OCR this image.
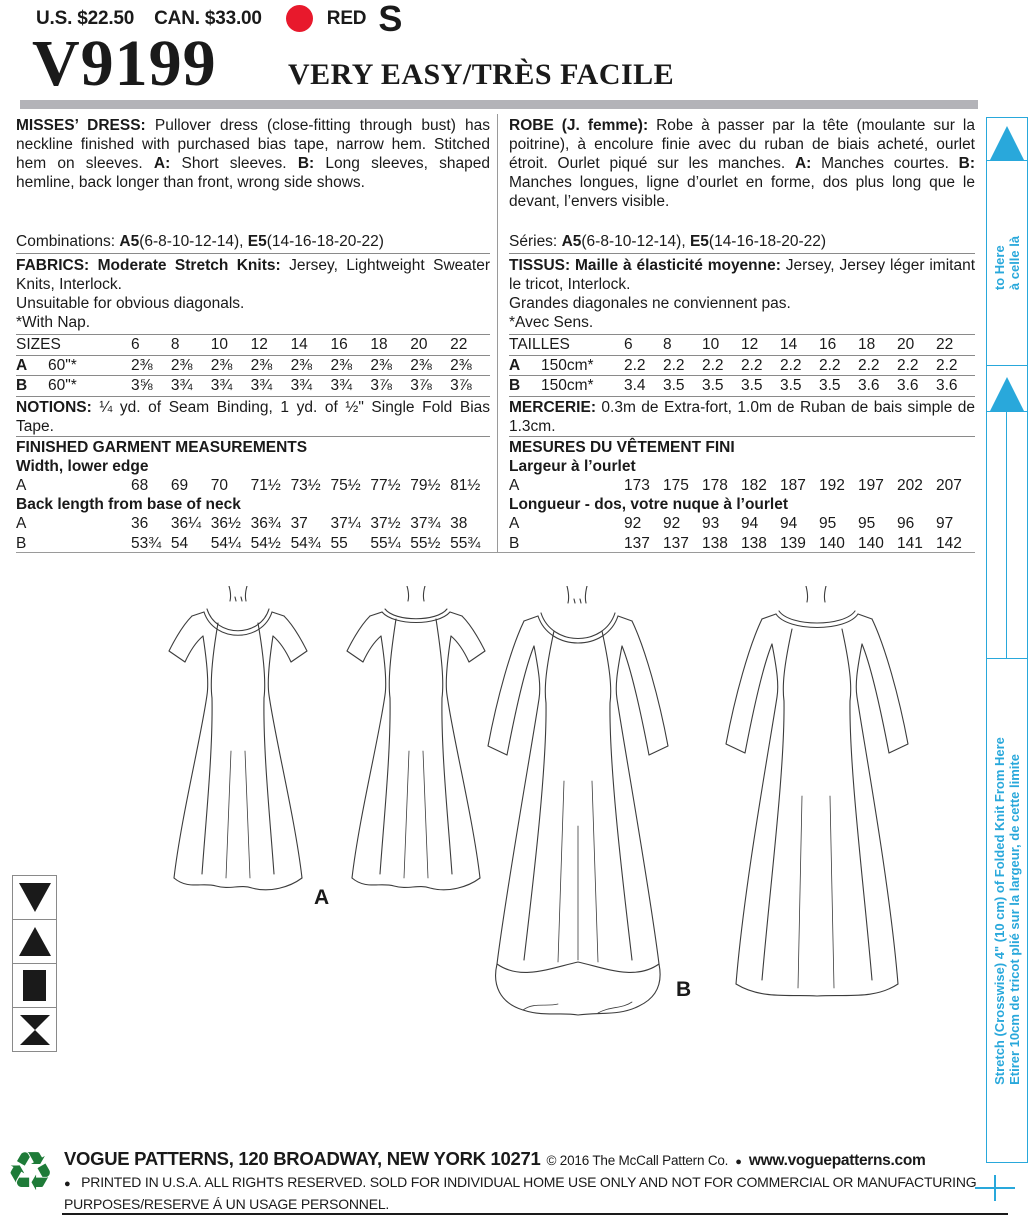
U.S. $22.50 CAN. $33.00	RED S
V9199 VERY EASY/TRÈS FACILE
MISSES’ DRESS: Pullover dress (close-fitting through bust) has neckline finished with purchased bias tape, narrow hem. Stitched hem on sleeves. A: Short sleeves. B: Long sleeves, shaped hemline, back longer than front, wrong side shows.
Combinations: A5(6-8-10-12-14), E5(14-16-18-20-22)
FABRICS: Moderate Stretch Knits: Jersey, Lightweight Sweater Knits, Interlock.
Unsuitable for obvious diagonals.
*With Nap.
SIZES	6	8	10	12	14	16	18	20	22
A	60"*	2⅜	2⅜	2⅜	2⅜	2⅜	2⅜	2⅜	2⅜	2⅜
B	60"*	3⅝	3¾	3¾	3¾	3¾	3¾	3⅞	3⅞	3⅞
NOTIONS: ¼ yd. of Seam Binding, 1 yd. of ½" Single Fold Bias Tape.
FINISHED GARMENT MEASUREMENTS
Width, lower edge
A	68	69	70	71½ 73½ 75½ 77½ 79½ 81½
Back length from base of neck
A	36	36¼ 36½ 36¾ 37	37¼ 37½ 37¾ 38
B	53¾ 54	54¼ 54½ 54¾ 55	55¼ 55½ 55¾
ROBE (J. femme): Robe à passer par la tête (moulante sur la poitrine), à encolure finie avec du ruban de biais acheté, ourlet étroit. Ourlet piqué sur les manches. A: Manches courtes. B: Manches longues, ligne d’ourlet en forme, dos plus long que le devant, l’envers visible.
Séries: A5(6-8-10-12-14), E5(14-16-18-20-22)
TISSUS: Maille à élasticité moyenne: Jersey, Jersey léger imitant le tricot, Interlock.
Grandes diagonales ne conviennent pas.
*Avec Sens.
TAILLES	6	8	10	12	14	16	18	20	22
A	150cm*	2.2	2.2	2.2	2.2	2.2	2.2	2.2	2.2	2.2
B	150cm*	3.4	3.5	3.5	3.5	3.5	3.5	3.6	3.6	3.6
MERCERIE: 0.3m de Extra-fort, 1.0m de Ruban de bais simple de 1.3cm.
MESURES DU VÊTEMENT FINI
Largeur à l’ourlet
A	173 175 178 182 187 192 197 202 207
Longueur - dos, votre nuque à l’ourlet
A	92	92	93	94	94	95	95	96	97
B	137 137 138 138 139 140 140 141 142
A
B
to Here à celle là
Stretch (Crosswise) 4" (10 cm) of Folded Knit From Here Etirer 10cm de tricot plié sur la largeur, de cette limite
♻ VOGUE PATTERNS, 120 BROADWAY, NEW YORK 10271 © 2016 The McCall Pattern Co. ● www.voguepatterns.com
● PRINTED IN U.S.A. ALL RIGHTS RESERVED. SOLD FOR INDIVIDUAL HOME USE ONLY AND NOT FOR COMMERCIAL OR MANUFACTURING
PURPOSES/RESERVE Á UN USAGE PERSONNEL.
